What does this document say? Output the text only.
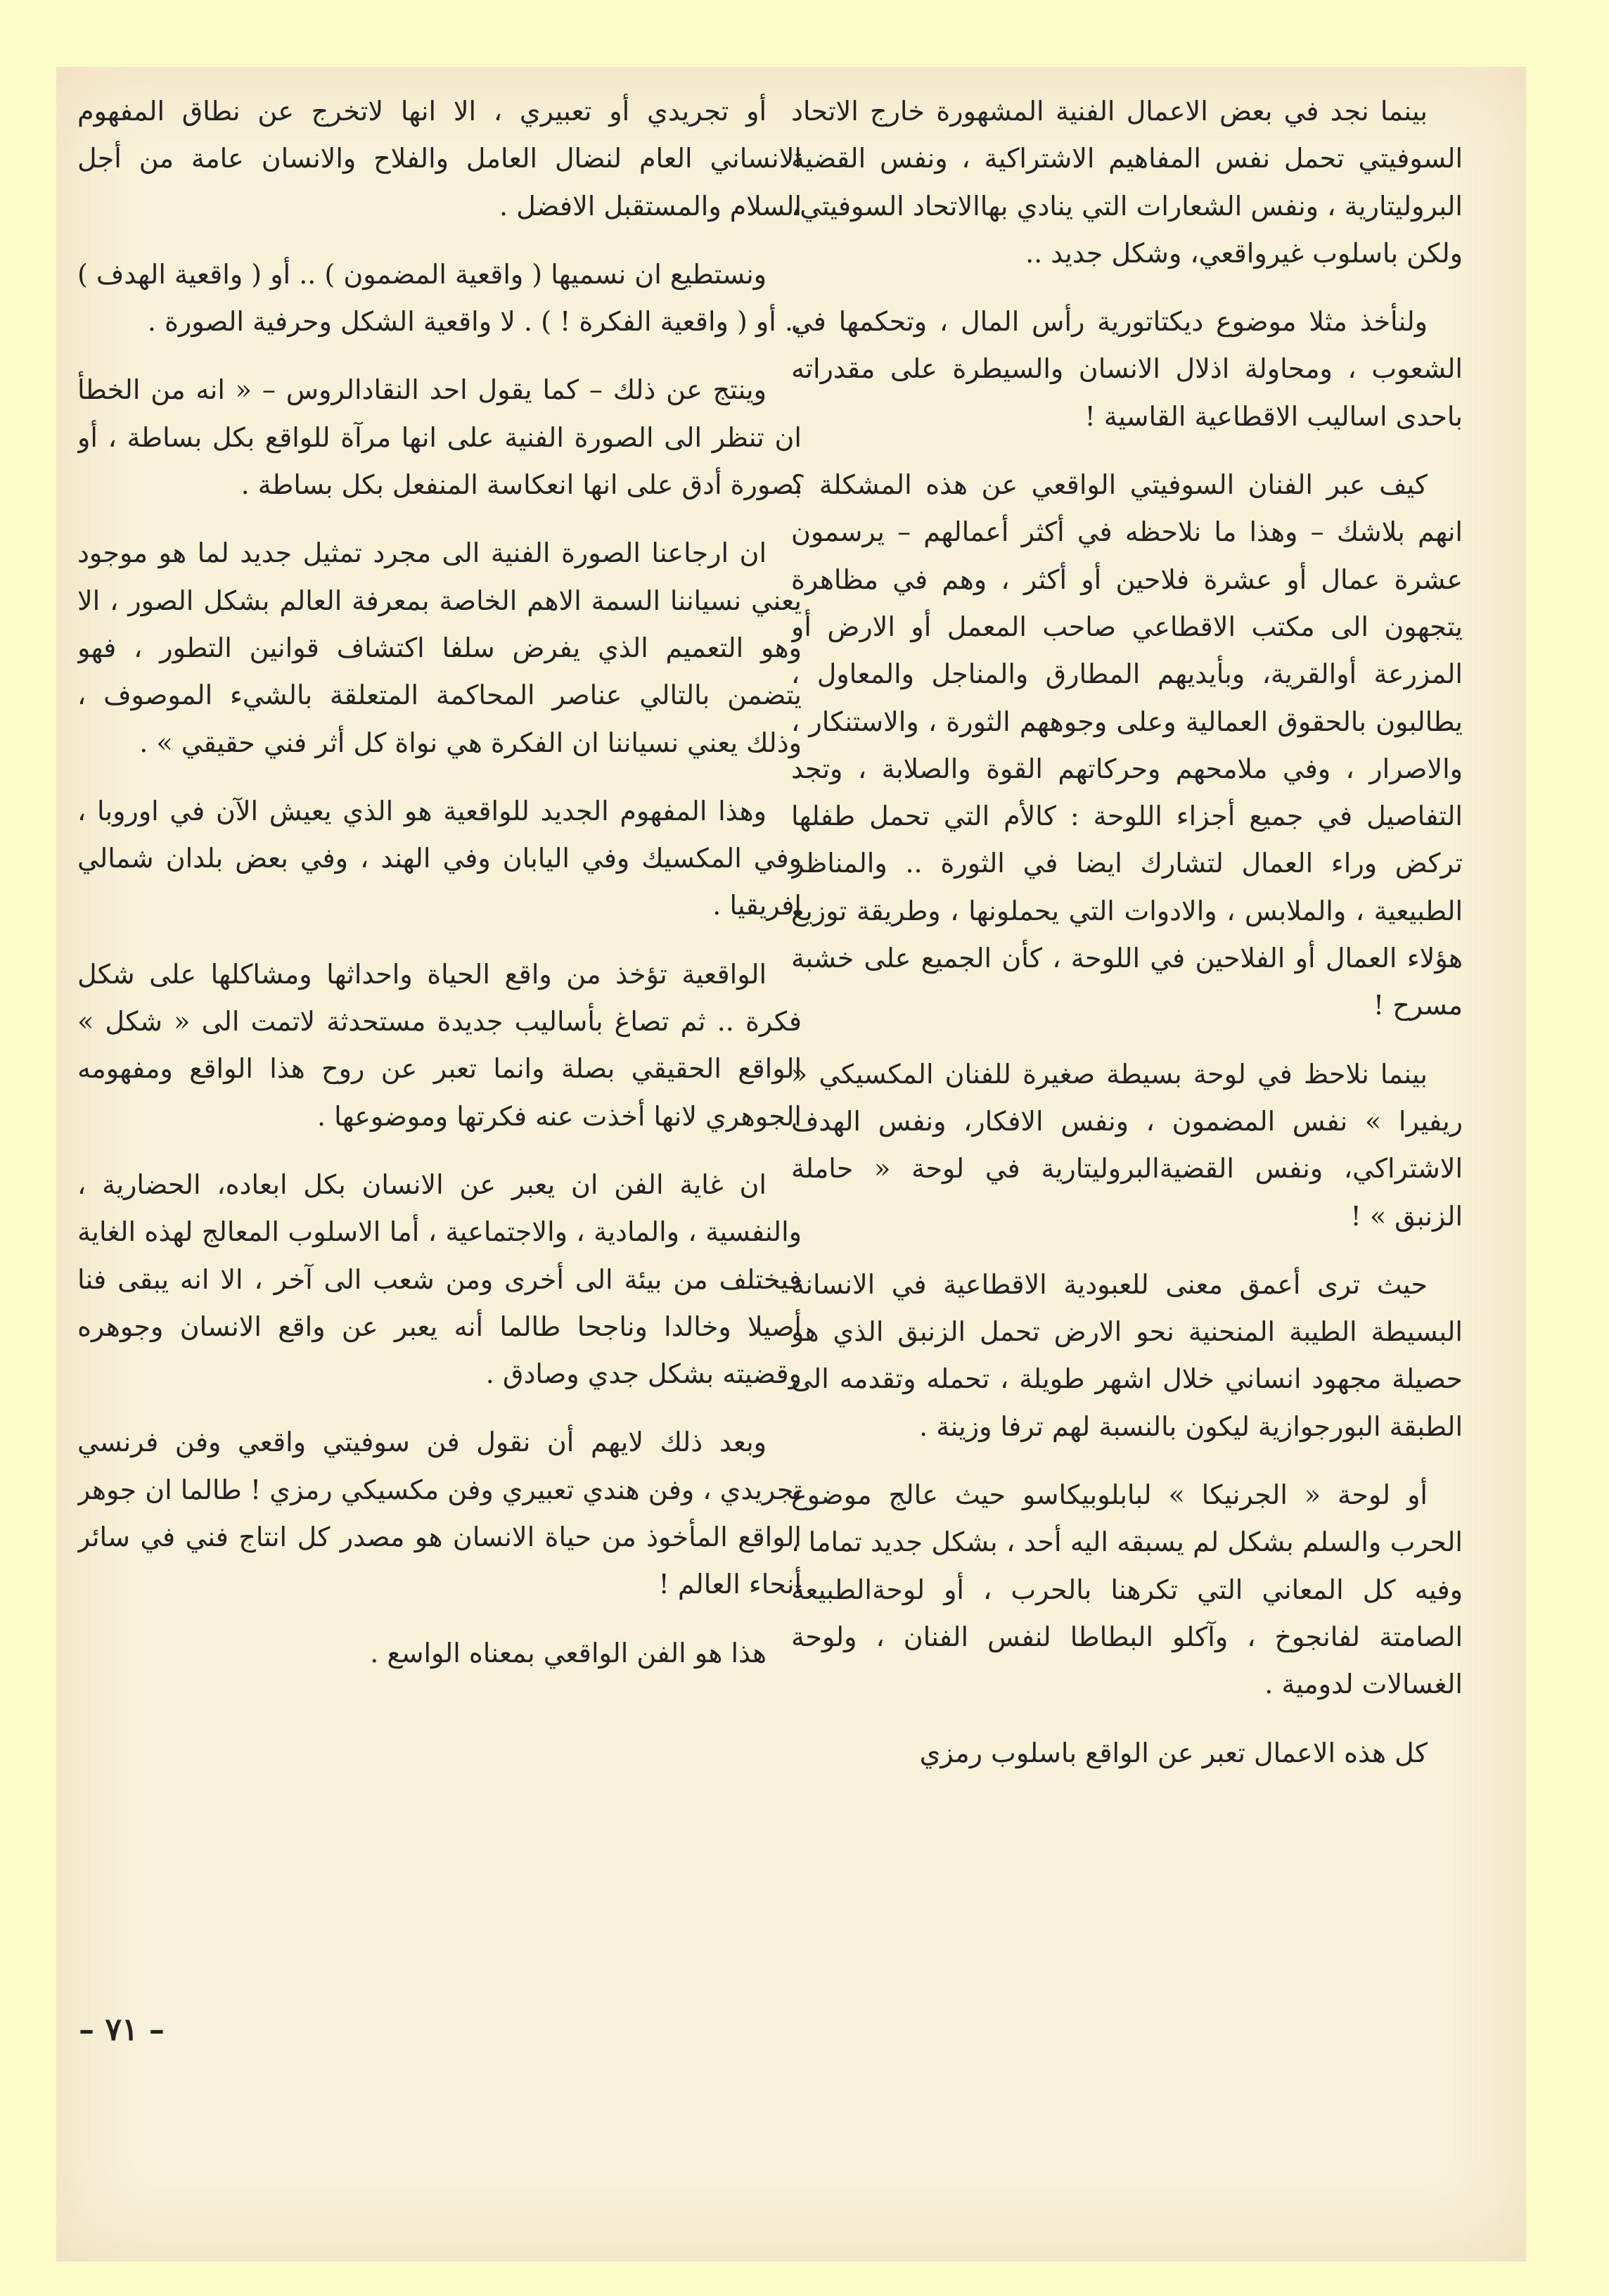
بينما نجد في بعض الاعمال الفنية المشهورة خارج الاتحاد السوفيتي تحمل نفس المفاهيم الاشتراكية ، ونفس القضية البروليتارية ، ونفس الشعارات التي ينادي بهاالاتحاد السوفيتي، ولكن باسلوب غيرواقعي، وشكل جديد ..

ولنأخذ مثلا موضوع ديكتاتورية رأس المال ، وتحكمها في الشعوب ، ومحاولة اذلال الانسان والسيطرة على مقدراته باحدى اساليب الاقطاعية القاسية !

كيف عبر الفنان السوفيتي الواقعي عن هذه المشكلة ؟ انهم بلاشك – وهذا ما نلاحظه في أكثر أعمالهم – يرسمون عشرة عمال أو عشرة فلاحين أو أكثر ، وهم في مظاهرة يتجهون الى مكتب الاقطاعي صاحب المعمل أو الارض أو المزرعة أوالقرية، وبأيديهم المطارق والمناجل والمعاول ، يطالبون بالحقوق العمالية وعلى وجوههم الثورة ، والاستنكار ، والاصرار ، وفي ملامحهم وحركاتهم القوة والصلابة ، وتجد التفاصيل في جميع أجزاء اللوحة : كالأم التي تحمل طفلها تركض وراء العمال لتشارك ايضا في الثورة .. والمناظر الطبيعية ، والملابس ، والادوات التي يحملونها ، وطريقة توزيع هؤلاء العمال أو الفلاحين في اللوحة ، كأن الجميع على خشبة مسرح !

بينما نلاحظ في لوحة بسيطة صغيرة للفنان المكسيكي « ريفيرا » نفس المضمون ، ونفس الافكار، ونفس الهدف الاشتراكي، ونفس القضيةالبروليتارية في لوحة « حاملة الزنبق » !

حيث ترى أعمق معنى للعبودية الاقطاعية في الانسانة البسيطة الطيبة المنحنية نحو الارض تحمل الزنبق الذي هو حصيلة مجهود انساني خلال اشهر طويلة ، تحمله وتقدمه الى الطبقة البورجوازية ليكون بالنسبة لهم ترفا وزينة .

أو لوحة « الجرنيكا » لبابلوبيكاسو حيث عالج موضوع الحرب والسلم بشكل لم يسبقه اليه أحد ، بشكل جديد تماما ، وفيه كل المعاني التي تكرهنا بالحرب ، أو لوحةالطبيعة الصامتة لفانجوخ ، وآكلو البطاطا لنفس الفنان ، ولوحة الغسالات لدومية .

كل هذه الاعمال تعبر عن الواقع باسلوب رمزي

أو تجريدي أو تعبيري ، الا انها لاتخرج عن نطاق المفهوم الانساني العام لنضال العامل والفلاح والانسان عامة من أجل السلام والمستقبل الافضل .

ونستطيع ان نسميها ( واقعية المضمون ) .. أو ( واقعية الهدف ) .. أو ( واقعية الفكرة ! ) . لا واقعية الشكل وحرفية الصورة .

وينتج عن ذلك – كما يقول احد النقادالروس – « انه من الخطأ ان تنظر الى الصورة الفنية على انها مرآة للواقع بكل بساطة ، أو بصورة أدق على انها انعكاسة المنفعل بكل بساطة .

ان ارجاعنا الصورة الفنية الى مجرد تمثيل جديد لما هو موجود يعني نسياننا السمة الاهم الخاصة بمعرفة العالم بشكل الصور ، الا وهو التعميم الذي يفرض سلفا اكتشاف قوانين التطور ، فهو يتضمن بالتالي عناصر المحاكمة المتعلقة بالشيء الموصوف ، وذلك يعني نسياننا ان الفكرة هي نواة كل أثر فني حقيقي » .

وهذا المفهوم الجديد للواقعية هو الذي يعيش الآن في اوروبا ، وفي المكسيك وفي اليابان وفي الهند ، وفي بعض بلدان شمالي افريقيا .

الواقعية تؤخذ من واقع الحياة واحداثها ومشاكلها على شكل فكرة .. ثم تصاغ بأساليب جديدة مستحدثة لاتمت الى « شكل » الواقع الحقيقي بصلة وانما تعبر عن روح هذا الواقع ومفهومه الجوهري لانها أخذت عنه فكرتها وموضوعها .

ان غاية الفن ان يعبر عن الانسان بكل ابعاده، الحضارية ، والنفسية ، والمادية ، والاجتماعية ، أما الاسلوب المعالج لهذه الغاية فيختلف من بيئة الى أخرى ومن شعب الى آخر ، الا انه يبقى فنا أصيلا وخالدا وناجحا طالما أنه يعبر عن واقع الانسان وجوهره وقضيته بشكل جدي وصادق .

وبعد ذلك لايهم أن نقول فن سوفيتي واقعي وفن فرنسي تجريدي ، وفن هندي تعبيري وفن مكسيكي رمزي ! طالما ان جوهر الواقع المأخوذ من حياة الانسان هو مصدر كل انتاج فني في سائر أنحاء العالم !

هذا هو الفن الواقعي بمعناه الواسع .

– ٧١ –
